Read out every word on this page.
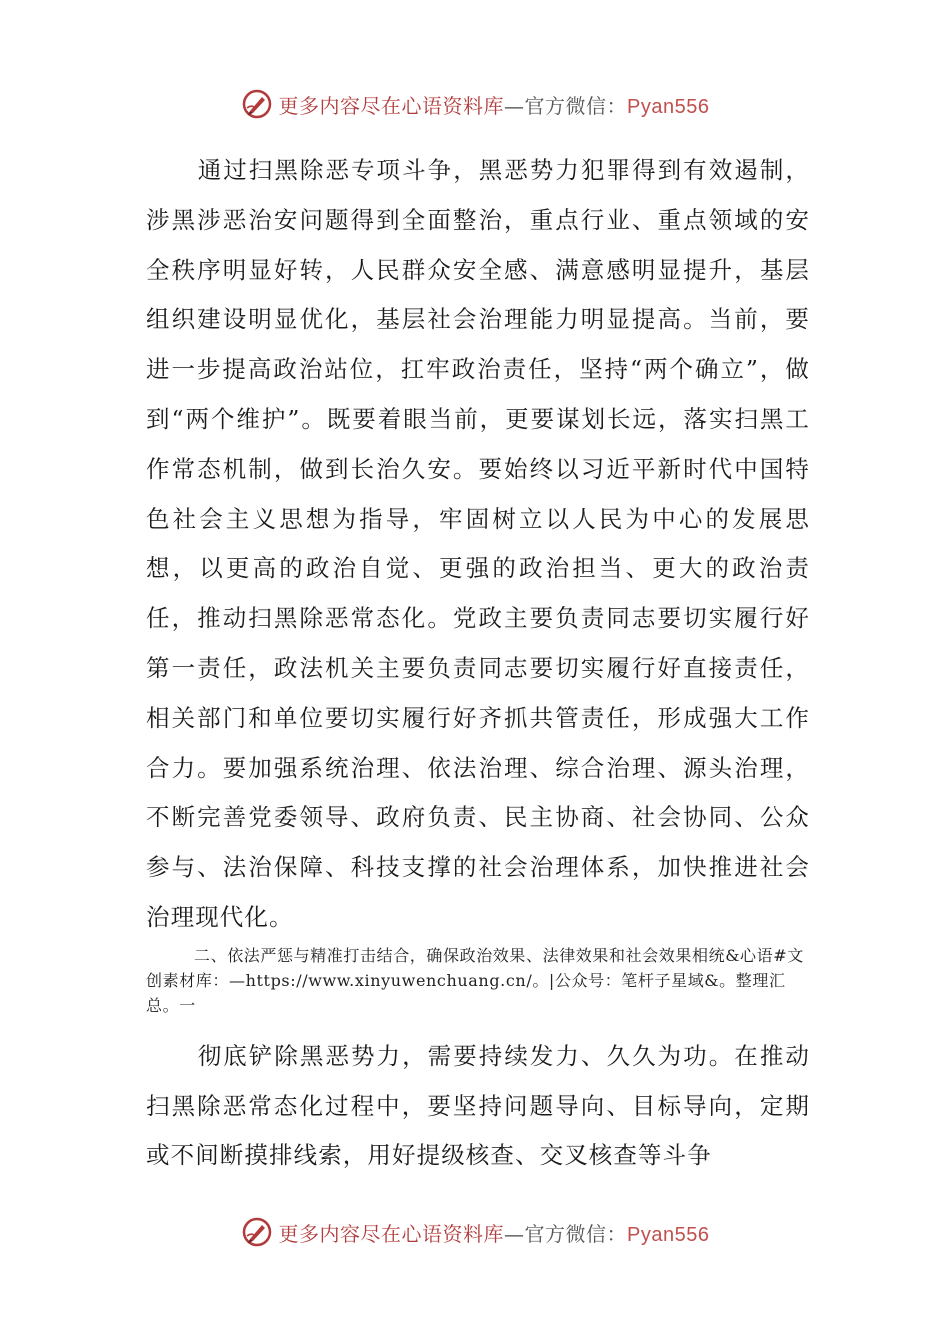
更多内容尽在心语资料库—官方微信：Pyan556

通过扫黑除恶专项斗争，黑恶势力犯罪得到有效遏制，涉黑涉恶治安问题得到全面整治，重点行业、重点领域的安全秩序明显好转，人民群众安全感、满意感明显提升，基层组织建设明显优化，基层社会治理能力明显提高。当前，要进一步提高政治站位，扛牢政治责任，坚持“两个确立”，做到“两个维护”。既要着眼当前，更要谋划长远，落实扫黑工作常态机制，做到长治久安。要始终以习近平新时代中国特色社会主义思想为指导，牢固树立以人民为中心的发展思想，以更高的政治自觉、更强的政治担当、更大的政治责任，推动扫黑除恶常态化。党政主要负责同志要切实履行好第一责任，政法机关主要负责同志要切实履行好直接责任，相关部门和单位要切实履行好齐抓共管责任，形成强大工作合力。要加强系统治理、依法治理、综合治理、源头治理，不断完善党委领导、政府负责、民主协商、社会协同、公众参与、法治保障、科技支撑的社会治理体系，加快推进社会治理现代化。

二、依法严惩与精准打击结合，确保政治效果、法律效果和社会效果相统&心语#文创素材库：—https://www.xinyuwenchuang.cn/。|公众号：笔杆子星域&。整理汇总。一

彻底铲除黑恶势力，需要持续发力、久久为功。在推动扫黑除恶常态化过程中，要坚持问题导向、目标导向，定期或不间断摸排线索，用好提级核查、交叉核查等斗争

更多内容尽在心语资料库—官方微信：Pyan556
